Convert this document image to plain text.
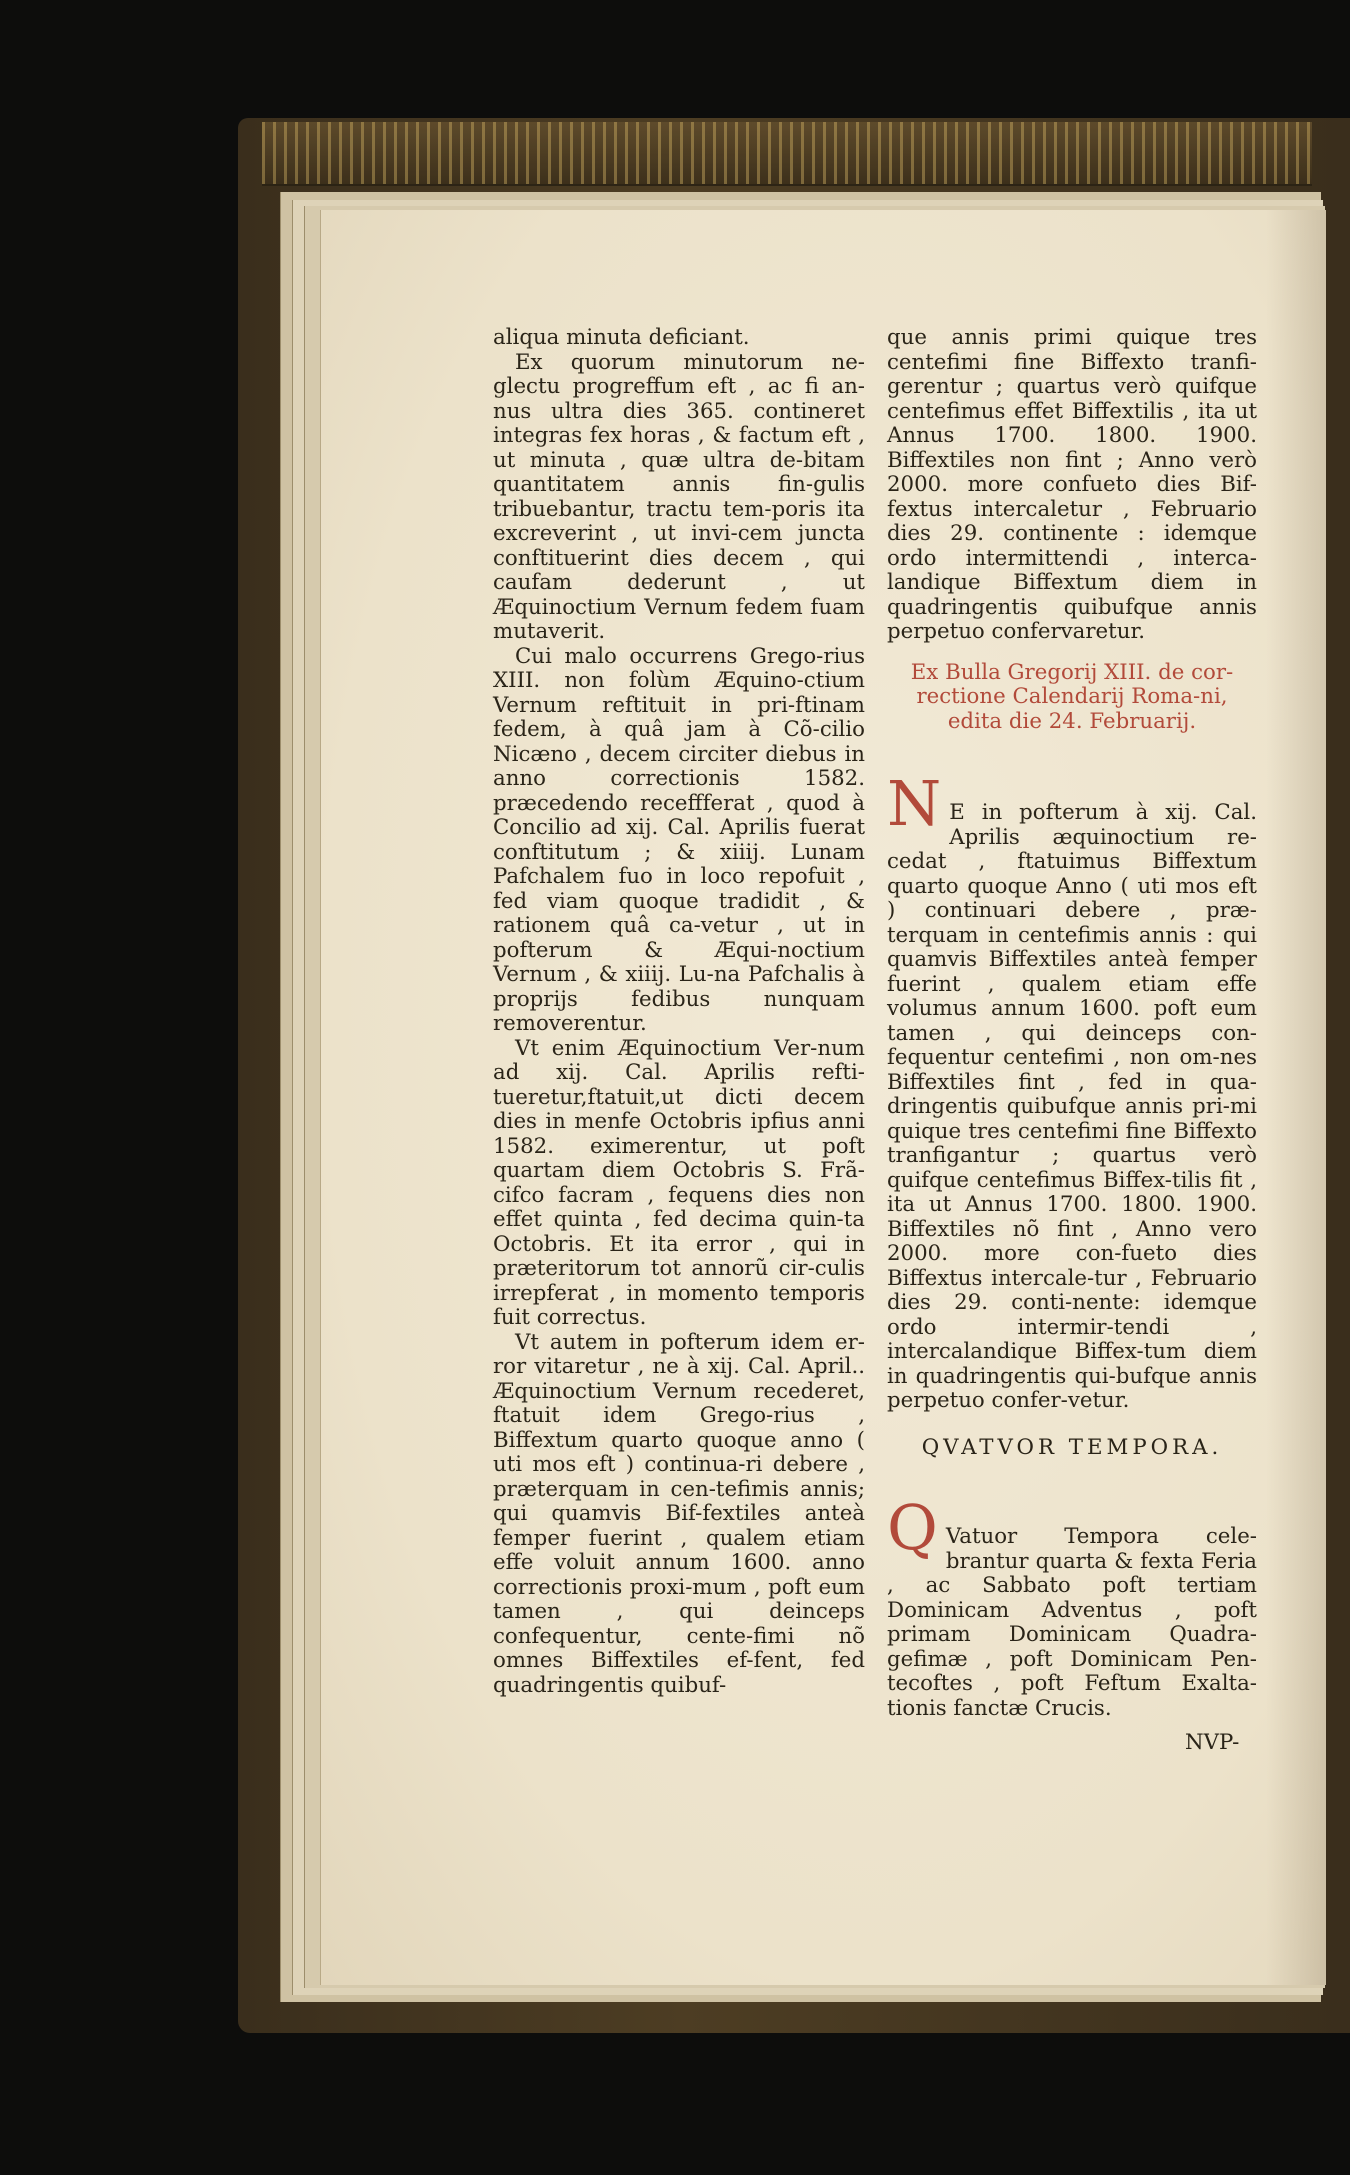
aliqua minuta deficiant.

Ex quorum minutorum ne-glectu progreffum eft , ac fi an-nus ultra dies 365. contineret integras fex horas , & factum eft , ut minuta , quæ ultra de-bitam quantitatem annis fin-gulis tribuebantur, tractu tem-poris ita excreverint , ut invi-cem juncta conftituerint dies decem , qui caufam dederunt , ut Æquinoctium Vernum fedem fuam mutaverit.

Cui malo occurrens Grego-rius XIII. non folùm Æquino-ctium Vernum reftituit in pri-ftinam fedem, à quâ jam à Cõ-cilio Nicæno , decem circiter diebus in anno correctionis 1582. præcedendo receffferat , quod à Concilio ad xij. Cal. Aprilis fuerat conftitutum ; & xiiij. Lunam Pafchalem fuo in loco repofuit , fed viam quoque tradidit , & rationem quâ ca-vetur , ut in pofterum & Æqui-noctium Vernum , & xiiij. Lu-na Pafchalis à proprijs fedibus nunquam removerentur.

Vt enim Æquinoctium Ver-num ad xij. Cal. Aprilis refti-tueretur,ftatuit,ut dicti decem dies in menfe Octobris ipfius anni 1582. eximerentur, ut poft quartam diem Octobris S. Frã-cifco facram , fequens dies non effet quinta , fed decima quin-ta Octobris. Et ita error , qui in præteritorum tot annorũ cir-culis irrepferat , in momento temporis fuit correctus.

Vt autem in pofterum idem er-ror vitaretur , ne à xij. Cal. April.. Æquinoctium Vernum recederet, ftatuit idem Grego-rius , Biffextum quarto quoque anno ( uti mos eft ) continua-ri debere , præterquam in cen-tefimis annis; qui quamvis Bif-fextiles anteà femper fuerint , qualem etiam effe voluit annum 1600. anno correctionis proxi-mum , poft eum tamen , qui deinceps confequentur, cente-fimi nõ omnes Biffextiles ef-fent, fed quadringentis quibuf-

que annis primi quique tres centefimi fine Biffexto tranfi-gerentur ; quartus verò quifque centefimus effet Biffextilis , ita ut Annus 1700. 1800. 1900. Biffextiles non fint ; Anno verò 2000. more confueto dies Bif-fextus intercaletur , Februario dies 29. continente : idemque ordo intermittendi , interca-landique Biffextum diem in quadringentis quibufque annis perpetuo confervaretur.

Ex Bulla Gregorij XIII. de cor-rectione Calendarij Roma-ni, edita die 24. Februarij.

N E in pofterum à xij. Cal. Aprilis æquinoctium re-cedat , ftatuimus Biffextum quarto quoque Anno ( uti mos eft ) continuari debere , præ-terquam in centefimis annis : qui quamvis Biffextiles anteà femper fuerint , qualem etiam effe volumus annum 1600. poft eum tamen , qui deinceps con-fequentur centefimi , non om-nes Biffextiles fint , fed in qua-dringentis quibufque annis pri-mi quique tres centefimi fine Biffexto tranfigantur ; quartus verò quifque centefimus Biffex-tilis fit , ita ut Annus 1700. 1800. 1900. Biffextiles nõ fint , Anno vero 2000. more con-fueto dies Biffextus intercale-tur , Februario dies 29. conti-nente: idemque ordo intermir-tendi , intercalandique Biffex-tum diem in quadringentis qui-bufque annis perpetuo confer-vetur.

QVATVOR TEMPORA.

Q Vatuor Tempora cele-brantur quarta & fexta Feria , ac Sabbato poft tertiam Dominicam Adventus , poft primam Dominicam Quadra-gefimæ , poft Dominicam Pen-tecoftes , poft Feftum Exalta-tionis fanctæ Crucis.

NVP-
